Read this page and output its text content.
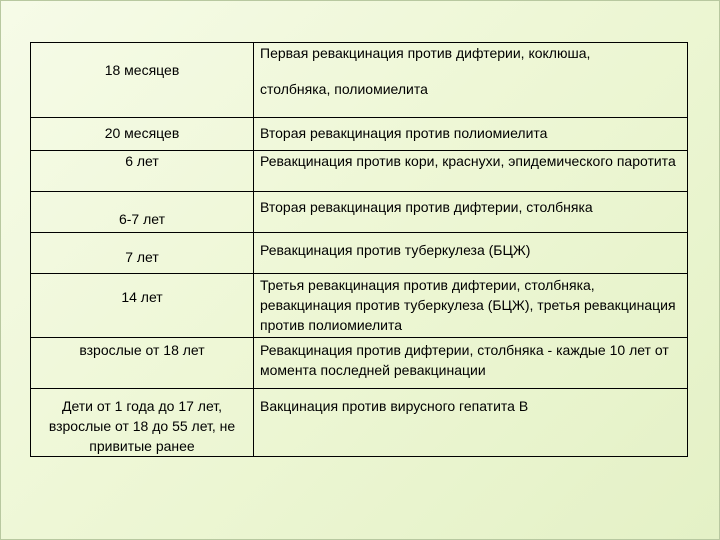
18 месяцев	Первая ревакцинация против дифтерии, коклюша,
столбняка, полиомиелита

20 месяцев	Вторая ревакцинация против полиомиелита

6 лет	Ревакцинация против кори, краснухи, эпидемического паротита

6-7 лет	Вторая ревакцинация против дифтерии, столбняка

7 лет	Ревакцинация против туберкулеза (БЦЖ)

14 лет	Третья ревакцинация против дифтерии, столбняка, ревакцинация против туберкулеза (БЦЖ), третья ревакцинация против полиомиелита

взрослые от 18 лет	Ревакцинация против дифтерии, столбняка - каждые 10 лет от момента последней ревакцинации

Дети от 1 года до 17 лет, взрослые от 18 до 55 лет, не привитые ранее	Вакцинация против вирусного гепатита В
